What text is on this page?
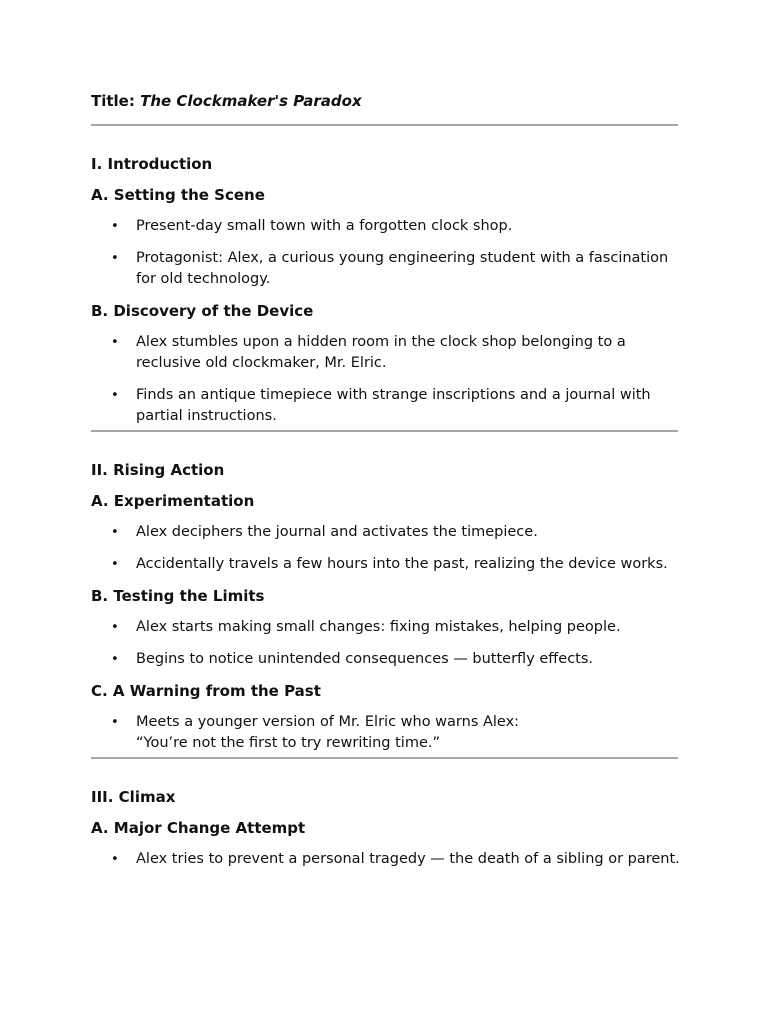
Title: The Clockmaker's Paradox

I. Introduction

A. Setting the Scene

• Present-day small town with a forgotten clock shop.
• Protagonist: Alex, a curious young engineering student with a fascination for old technology.

B. Discovery of the Device

• Alex stumbles upon a hidden room in the clock shop belonging to a reclusive old clockmaker, Mr. Elric.
• Finds an antique timepiece with strange inscriptions and a journal with partial instructions.

II. Rising Action

A. Experimentation

• Alex deciphers the journal and activates the timepiece.
• Accidentally travels a few hours into the past, realizing the device works.

B. Testing the Limits

• Alex starts making small changes: fixing mistakes, helping people.
• Begins to notice unintended consequences — butterfly effects.

C. A Warning from the Past

• Meets a younger version of Mr. Elric who warns Alex:
“You’re not the first to try rewriting time.”

III. Climax

A. Major Change Attempt

• Alex tries to prevent a personal tragedy — the death of a sibling or parent.
